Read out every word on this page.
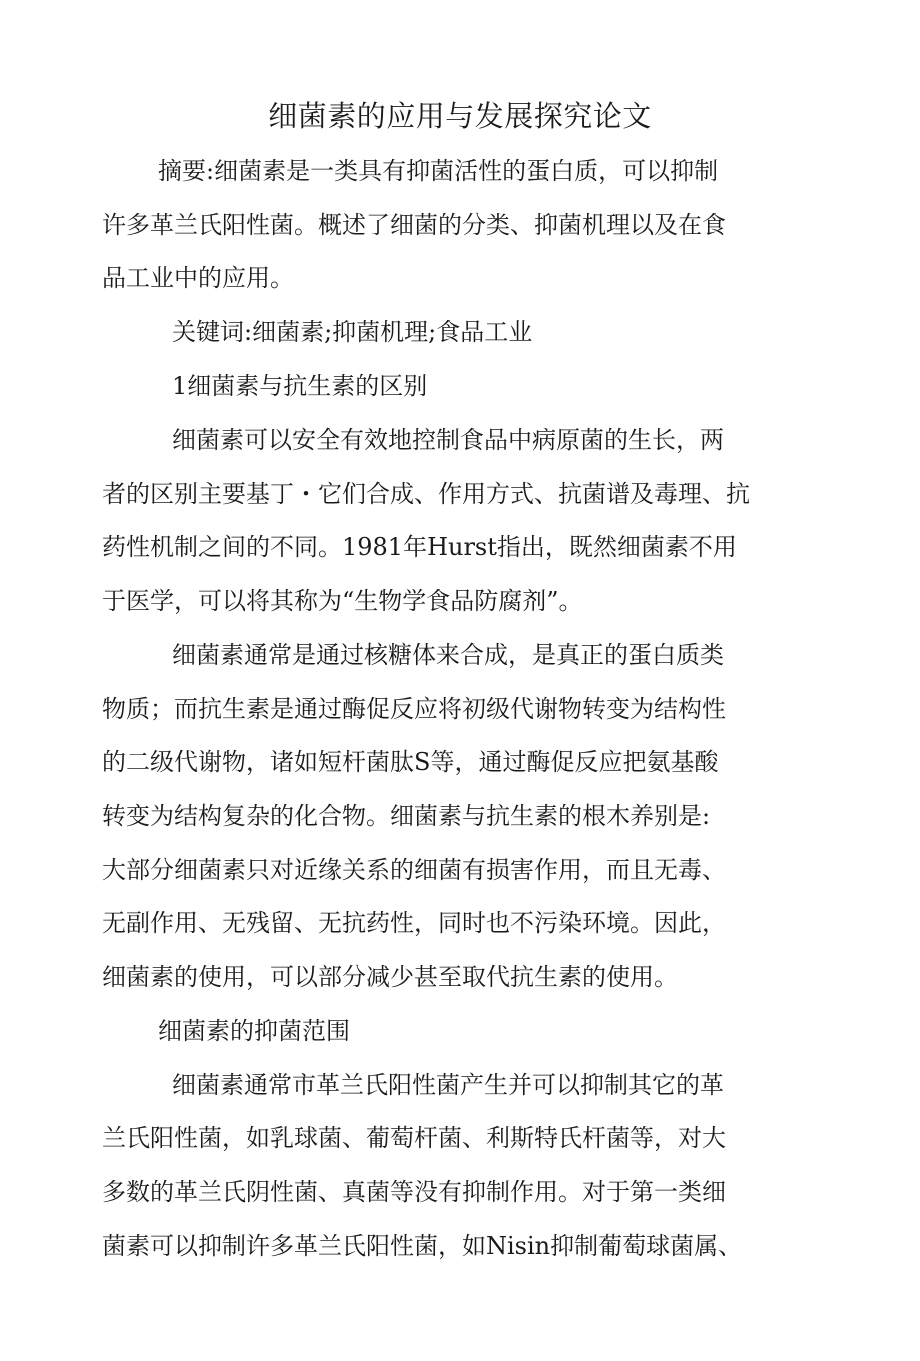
细菌素的应用与发展探究论文
摘要:细菌素是一类具有抑菌活性的蛋白质，可以抑制
许多革兰氏阳性菌。概述了细菌的分类、抑菌机理以及在食
品工业中的应用。
关键词:细菌素;抑菌机理;食品工业
1细菌素与抗生素的区别
细菌素可以安全有效地控制食品中病原菌的生长，两
者的区别主要基丁・它们合成、作用方式、抗菌谱及毒理、抗
药性机制之间的不同。1981年Hurst指出，既然细菌素不用
于医学，可以将其称为“生物学食品防腐剂”。
细菌素通常是通过核糖体来合成，是真正的蛋白质类
物质；而抗生素是通过酶促反应将初级代谢物转变为结构性
的二级代谢物，诸如短杆菌肽S等，通过酶促反应把氨基酸
转变为结构复杂的化合物。细菌素与抗生素的根木养别是:
大部分细菌素只对近缘关系的细菌有损害作用，而且无毒、
无副作用、无残留、无抗药性，同时也不污染环境。因此，
细菌素的使用，可以部分减少甚至取代抗生素的使用。
细菌素的抑菌范围
细菌素通常市革兰氏阳性菌产生并可以抑制其它的革
兰氏阳性菌，如乳球菌、葡萄杆菌、利斯特氏杆菌等，对大
多数的革兰氏阴性菌、真菌等没有抑制作用。对于第一类细
菌素可以抑制许多革兰氏阳性菌，如Nisin抑制葡萄球菌属、
